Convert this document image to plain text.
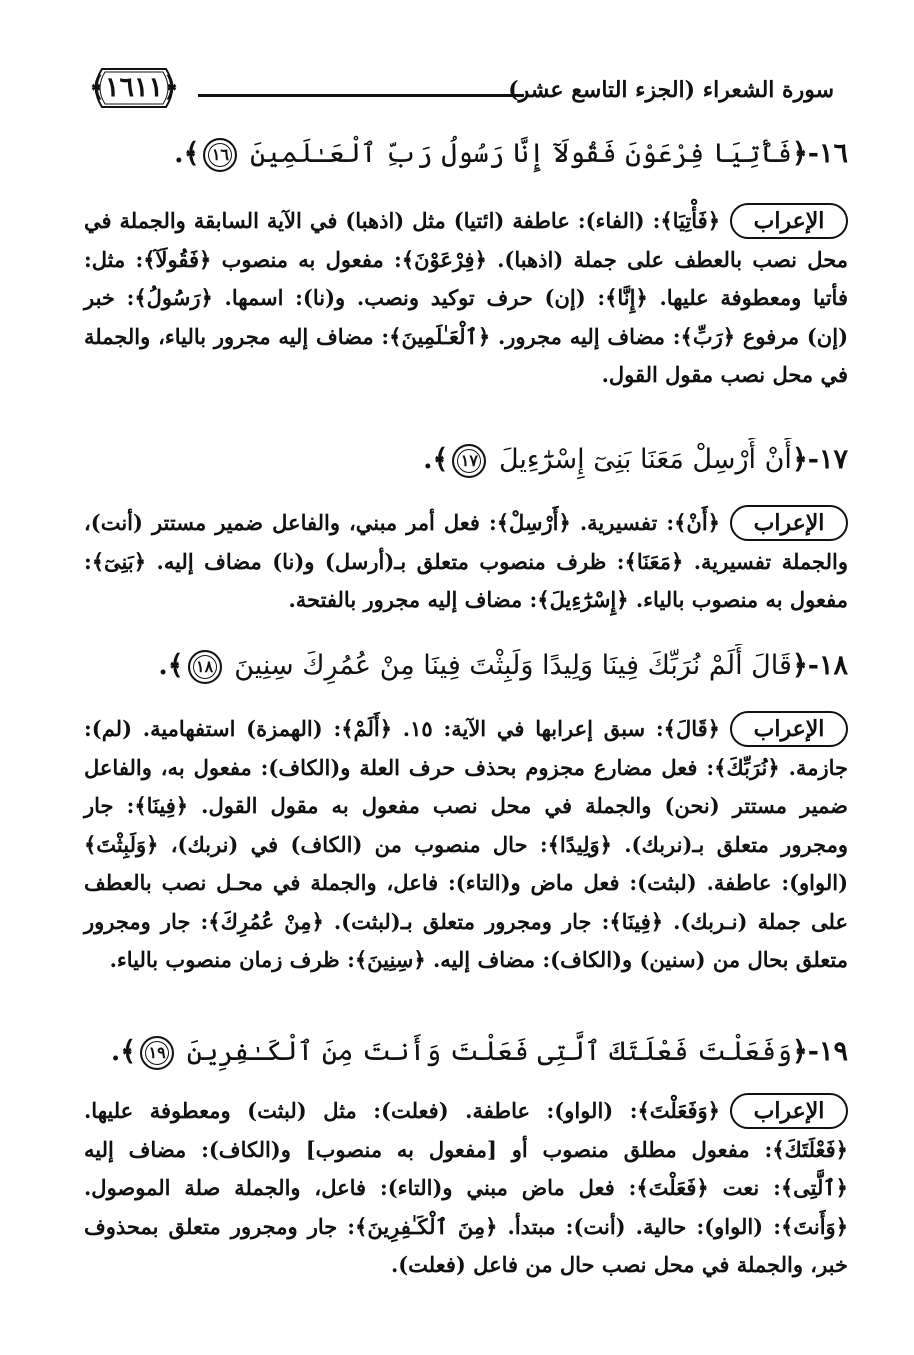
﴿١٦١١﴾	سورة الشعراء (الجزء التاسع عشر)
١٦-﴿فَأْتِيَا فِرْعَوْنَ فَقُولَآ إِنَّا رَسُولُ رَبِّ ٱلْعَـٰلَمِينَ ١٦﴾.
الإعراب
﴿فَأْتِيَا﴾: (الفاء): عاطفة (ائتيا) مثل (اذهبا) في الآية السابقة والجملة في محل نصب بالعطف على جملة (اذهبا). ﴿فِرْعَوْنَ﴾: مفعول به منصوب ﴿فَقُولَآ﴾: مثل: فأتيا ومعطوفة عليها. ﴿إِنَّا﴾: (إن) حرف توكيد ونصب. و(نا): اسمها. ﴿رَسُولُ﴾: خبر (إن) مرفوع ﴿رَبِّ﴾: مضاف إليه مجرور. ﴿ٱلْعَـٰلَمِينَ﴾: مضاف إليه مجرور بالياء، والجملة في محل نصب مقول القول.
١٧-﴿أَنْ أَرْسِلْ مَعَنَا بَنِىٓ إِسْرَٰٓءِيلَ ١٧﴾.
الإعراب
﴿أَنْ﴾: تفسيرية. ﴿أَرْسِلْ﴾: فعل أمر مبني، والفاعل ضمير مستتر (أنت)، والجملة تفسيرية. ﴿مَعَنَا﴾: ظرف منصوب متعلق بـ(أرسل) و(نا) مضاف إليه. ﴿بَنِىٓ﴾: مفعول به منصوب بالياء. ﴿إِسْرَٰٓءِيلَ﴾: مضاف إليه مجرور بالفتحة.
١٨-﴿قَالَ أَلَمْ نُرَبِّكَ فِينَا وَلِيدًا وَلَبِثْتَ فِينَا مِنْ عُمُرِكَ سِنِينَ ١٨﴾.
الإعراب
﴿قَالَ﴾: سبق إعرابها في الآية: ١٥. ﴿أَلَمْ﴾: (الهمزة) استفهامية. (لم): جازمة. ﴿نُرَبِّكَ﴾: فعل مضارع مجزوم بحذف حرف العلة و(الكاف): مفعول به، والفاعل ضمير مستتر (نحن) والجملة في محل نصب مفعول به مقول القول. ﴿فِينَا﴾: جار ومجرور متعلق بـ(نربك). ﴿وَلِيدًا﴾: حال منصوب من (الكاف) في (نربك)، ﴿وَلَبِثْتَ﴾ (الواو): عاطفة. (لبثت): فعل ماض و(التاء): فاعل، والجملة في محـل نصب بالعطف على جملة (نـربك). ﴿فِينَا﴾: جار ومجرور متعلق بـ(لبثت). ﴿مِنْ عُمُرِكَ﴾: جار ومجرور متعلق بحال من (سنين) و(الكاف): مضاف إليه. ﴿سِنِينَ﴾: ظرف زمان منصوب بالياء.
١٩-﴿وَفَعَلْتَ فَعْلَتَكَ ٱلَّتِى فَعَلْتَ وَأَنتَ مِنَ ٱلْكَـٰفِرِينَ ١٩﴾.
الإعراب
﴿وَفَعَلْتَ﴾: (الواو): عاطفة. (فعلت): مثل (لبثت) ومعطوفة عليها. ﴿فَعْلَتَكَ﴾: مفعول مطلق منصوب أو [مفعول به منصوب] و(الكاف): مضاف إليه ﴿ٱلَّتِى﴾: نعت ﴿فَعَلْتَ﴾: فعل ماض مبني و(التاء): فاعل، والجملة صلة الموصول. ﴿وَأَنتَ﴾: (الواو): حالية. (أنت): مبتدأ. ﴿مِنَ ٱلْكَـٰفِرِينَ﴾: جار ومجرور متعلق بمحذوف خبر، والجملة في محل نصب حال من فاعل (فعلت).
